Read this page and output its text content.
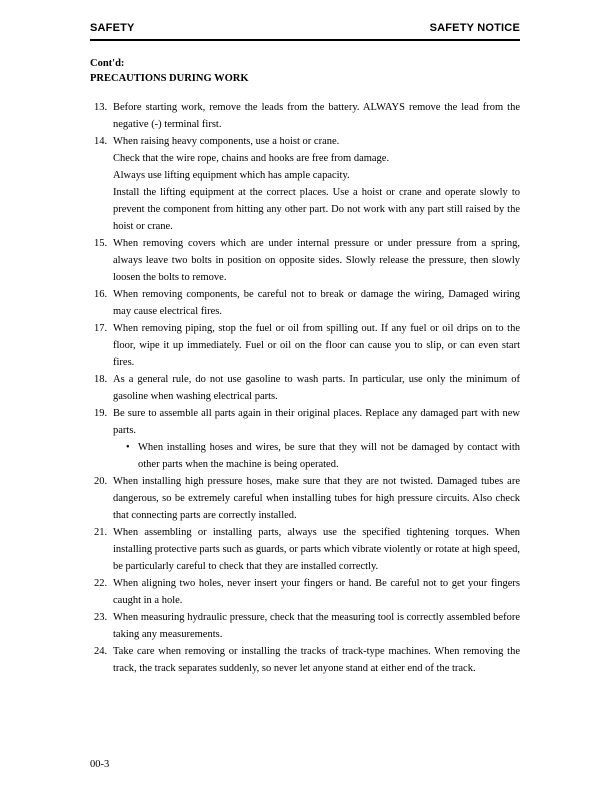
SAFETY	SAFETY NOTICE
Cont'd:
PRECAUTIONS DURING WORK
13. Before starting work, remove the leads from the battery. ALWAYS remove the lead from the negative (-) terminal first.
14. When raising heavy components, use a hoist or crane.
Check that the wire rope, chains and hooks are free from damage.
Always use lifting equipment which has ample capacity.
Install the lifting equipment at the correct places. Use a hoist or crane and operate slowly to prevent the component from hitting any other part. Do not work with any part still raised by the hoist or crane.
15. When removing covers which are under internal pressure or under pressure from a spring, always leave two bolts in position on opposite sides. Slowly release the pressure, then slowly loosen the bolts to remove.
16. When removing components, be careful not to break or damage the wiring, Damaged wiring may cause electrical fires.
17. When removing piping, stop the fuel or oil from spilling out. If any fuel or oil drips on to the floor, wipe it up immediately. Fuel or oil on the floor can cause you to slip, or can even start fires.
18. As a general rule, do not use gasoline to wash parts. In particular, use only the minimum of gasoline when washing electrical parts.
19. Be sure to assemble all parts again in their original places. Replace any damaged part with new parts.
• When installing hoses and wires, be sure that they will not be damaged by contact with other parts when the machine is being operated.
20. When installing high pressure hoses, make sure that they are not twisted. Damaged tubes are dangerous, so be extremely careful when installing tubes for high pressure circuits. Also check that connecting parts are correctly installed.
21. When assembling or installing parts, always use the specified tightening torques. When installing protective parts such as guards, or parts which vibrate violently or rotate at high speed, be particularly careful to check that they are installed correctly.
22. When aligning two holes, never insert your fingers or hand. Be careful not to get your fingers caught in a hole.
23. When measuring hydraulic pressure, check that the measuring tool is correctly assembled before taking any measurements.
24. Take care when removing or installing the tracks of track-type machines. When removing the track, the track separates suddenly, so never let anyone stand at either end of the track.
00-3
